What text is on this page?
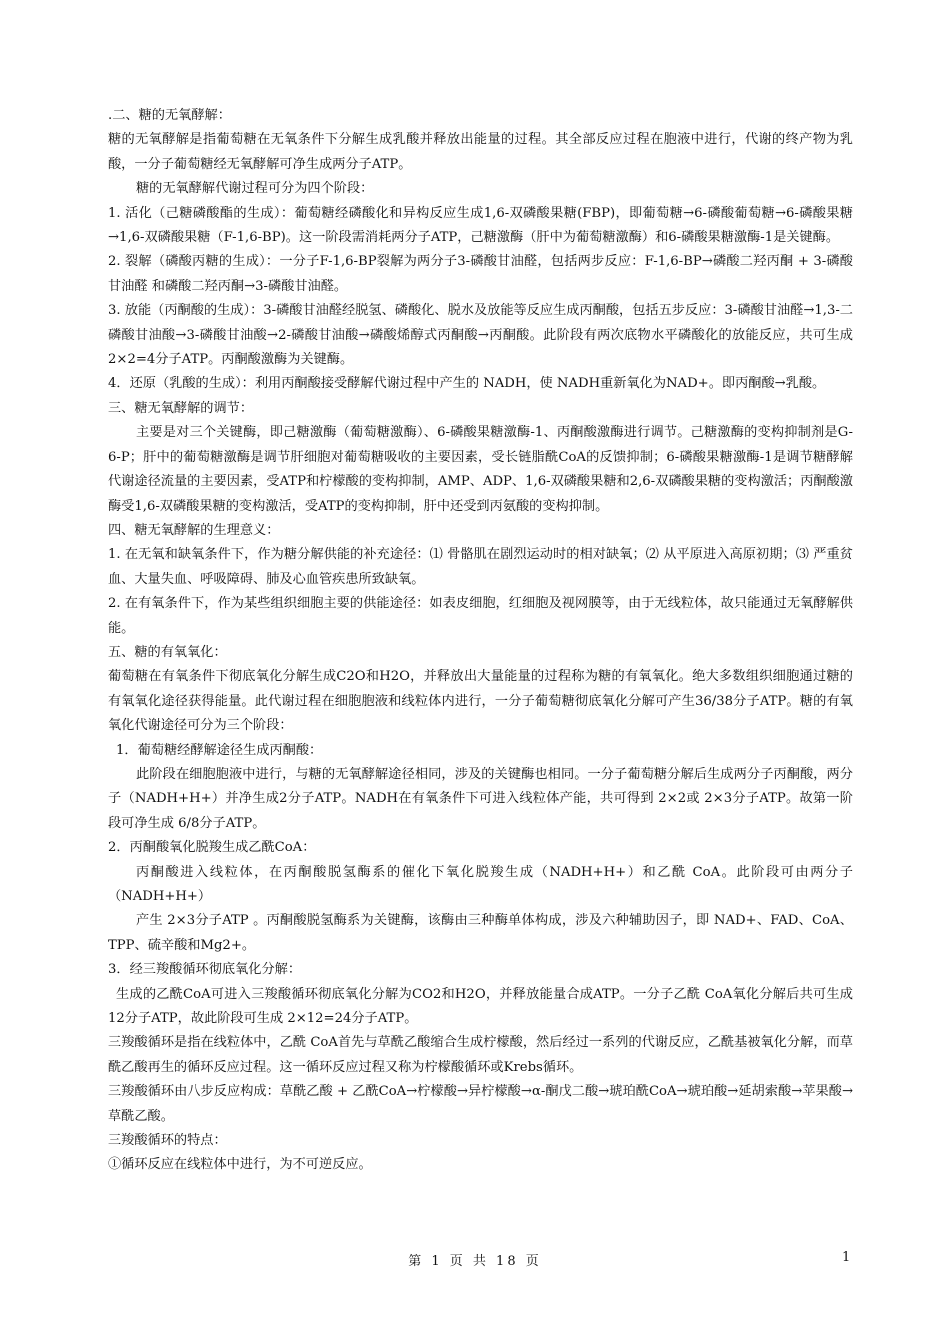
.二、糖的无氧酵解：

糖的无氧酵解是指葡萄糖在无氧条件下分解生成乳酸并释放出能量的过程。其全部反应过程在胞液中进行，代谢的终产物为乳酸，一分子葡萄糖经无氧酵解可净生成两分子ATP。

糖的无氧酵解代谢过程可分为四个阶段：

1. 活化（己糖磷酸酯的生成）：葡萄糖经磷酸化和异构反应生成1,6-双磷酸果糖(FBP)，即葡萄糖→6-磷酸葡萄糖→6-磷酸果糖→1,6-双磷酸果糖（F-1,6-BP)。这一阶段需消耗两分子ATP，己糖激酶（肝中为葡萄糖激酶）和6-磷酸果糖激酶-1是关键酶。

2. 裂解（磷酸丙糖的生成）：一分子F-1,6-BP裂解为两分子3-磷酸甘油醛，包括两步反应：F-1,6-BP→磷酸二羟丙酮 + 3-磷酸甘油醛 和磷酸二羟丙酮→3-磷酸甘油醛。

3. 放能（丙酮酸的生成）：3-磷酸甘油醛经脱氢、磷酸化、脱水及放能等反应生成丙酮酸，包括五步反应：3-磷酸甘油醛→1,3-二磷酸甘油酸→3-磷酸甘油酸→2-磷酸甘油酸→磷酸烯醇式丙酮酸→丙酮酸。此阶段有两次底物水平磷酸化的放能反应，共可生成2×2=4分子ATP。丙酮酸激酶为关键酶。

4．还原（乳酸的生成）：利用丙酮酸接受酵解代谢过程中产生的 NADH，使 NADH重新氧化为NAD+。即丙酮酸→乳酸。

三、糖无氧酵解的调节：

主要是对三个关键酶，即己糖激酶（葡萄糖激酶）、6-磷酸果糖激酶-1、丙酮酸激酶进行调节。己糖激酶的变构抑制剂是G-6-P；肝中的葡萄糖激酶是调节肝细胞对葡萄糖吸收的主要因素，受长链脂酰CoA的反馈抑制；6-磷酸果糖激酶-1是调节糖酵解代谢途径流量的主要因素，受ATP和柠檬酸的变构抑制，AMP、ADP、1,6-双磷酸果糖和2,6-双磷酸果糖的变构激活；丙酮酸激酶受1,6-双磷酸果糖的变构激活，受ATP的变构抑制，肝中还受到丙氨酸的变构抑制。

四、糖无氧酵解的生理意义：

1. 在无氧和缺氧条件下，作为糖分解供能的补充途径：⑴ 骨骼肌在剧烈运动时的相对缺氧；⑵ 从平原进入高原初期；⑶ 严重贫血、大量失血、呼吸障碍、肺及心血管疾患所致缺氧。

2. 在有氧条件下，作为某些组织细胞主要的供能途径：如表皮细胞，红细胞及视网膜等，由于无线粒体，故只能通过无氧酵解供能。

五、糖的有氧氧化：

葡萄糖在有氧条件下彻底氧化分解生成C2O和H2O，并释放出大量能量的过程称为糖的有氧氧化。绝大多数组织细胞通过糖的有氧氧化途径获得能量。此代谢过程在细胞胞液和线粒体内进行，一分子葡萄糖彻底氧化分解可产生36/38分子ATP。糖的有氧氧化代谢途径可分为三个阶段：

1．葡萄糖经酵解途径生成丙酮酸：

此阶段在细胞胞液中进行，与糖的无氧酵解途径相同，涉及的关键酶也相同。一分子葡萄糖分解后生成两分子丙酮酸，两分子（NADH+H+）并净生成2分子ATP。NADH在有氧条件下可进入线粒体产能，共可得到 2×2或 2×3分子ATP。故第一阶段可净生成 6/8分子ATP。

2．丙酮酸氧化脱羧生成乙酰CoA：

丙酮酸进入线粒体，在丙酮酸脱氢酶系的催化下氧化脱羧生成（NADH+H+）和乙酰 CoA。此阶段可由两分子（NADH+H+）

产生 2×3分子ATP 。丙酮酸脱氢酶系为关键酶，该酶由三种酶单体构成，涉及六种辅助因子，即 NAD+、FAD、CoA、TPP、硫辛酸和Mg2+。

3．经三羧酸循环彻底氧化分解：

生成的乙酰CoA可进入三羧酸循环彻底氧化分解为CO2和H2O，并释放能量合成ATP。一分子乙酰 CoA氧化分解后共可生成12分子ATP，故此阶段可生成 2×12=24分子ATP。

三羧酸循环是指在线粒体中，乙酰 CoA首先与草酰乙酸缩合生成柠檬酸，然后经过一系列的代谢反应，乙酰基被氧化分解，而草酰乙酸再生的循环反应过程。这一循环反应过程又称为柠檬酸循环或Krebs循环。

三羧酸循环由八步反应构成：草酰乙酸 + 乙酰CoA→柠檬酸→异柠檬酸→α-酮戊二酸→琥珀酰CoA→琥珀酸→延胡索酸→苹果酸→草酰乙酸。

三羧酸循环的特点：

①循环反应在线粒体中进行，为不可逆反应。

第 1 页 共 18 页	1
